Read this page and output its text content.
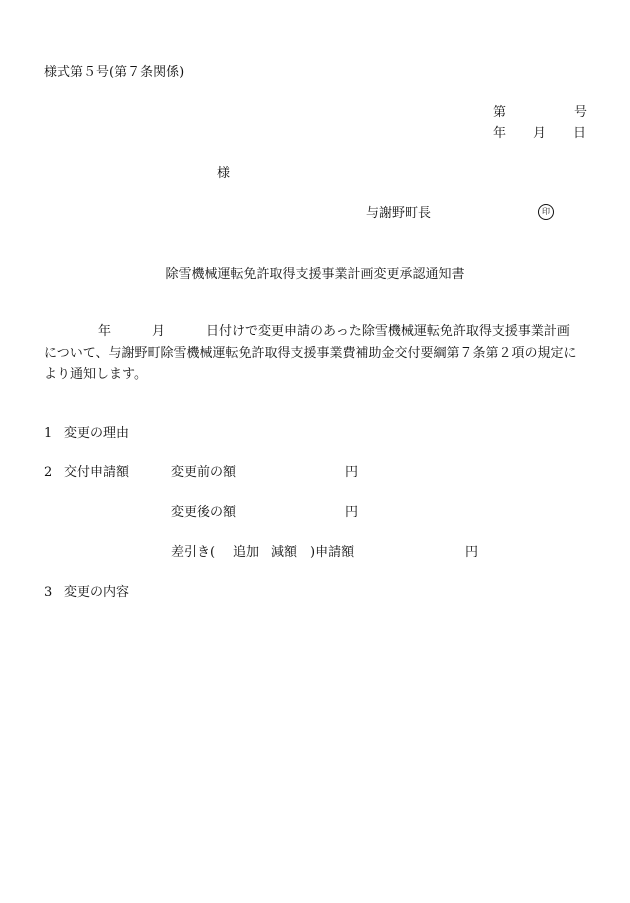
様式第５号(第７条関係)
第	号
年 月 日
様
与謝野町長	印
除雪機械運転免許取得支援事業計画変更承認通知書
年	月	日付けで変更申請のあった除雪機械運転免許取得支援事業計画
について、与謝野町除雪機械運転免許取得支援事業費補助金交付要綱第７条第２項の規定に
より通知します。
1 変更の理由
2 交付申請額	変更前の額	円
変更後の額	円
差引き( 追加 減額 )申請額	円
3 変更の内容
